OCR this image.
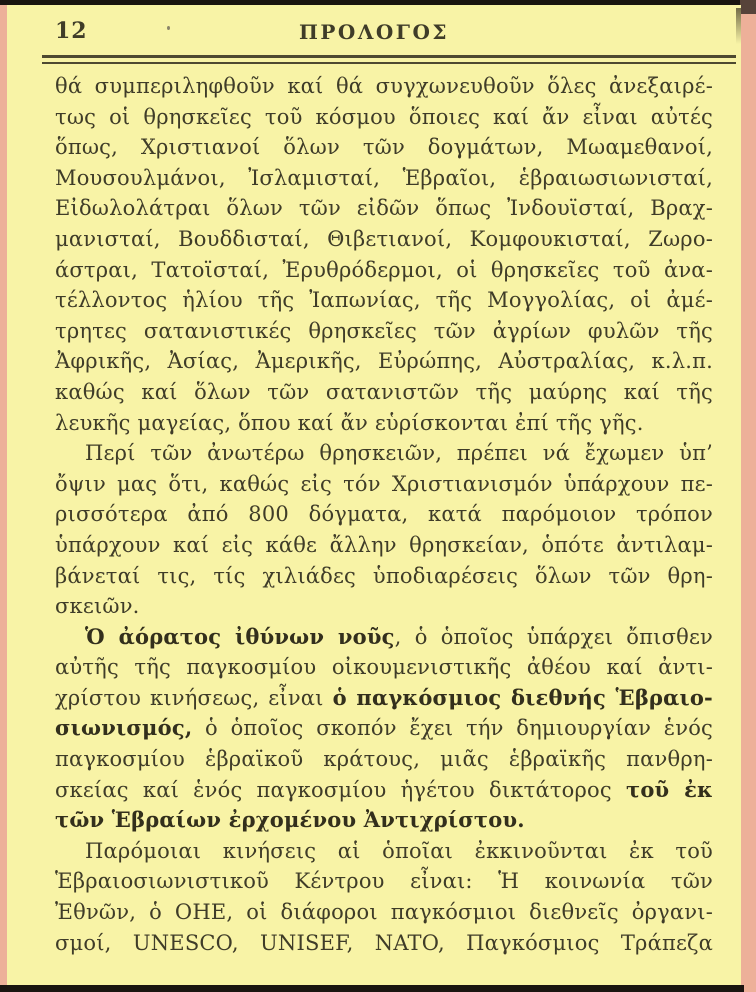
12	ΠΡΟΛΟΓΟΣ
θά συμπεριληφθοῦν καί θά συγχωνευθοῦν ὅλες ἀνεξαιρέ-
τως οἱ θρησκεῖες τοῦ κόσμου ὅποιες καί ἄν εἶναι αὐτές
ὅπως, Χριστιανοί ὅλων τῶν δογμάτων, Μωαμεθανοί,
Μουσουλμάνοι, Ἰσλαμισταί, Ἑβραῖοι, ἑβραιωσιωνισταί,
Εἰδωλολάτραι ὅλων τῶν εἰδῶν ὅπως Ἰνδουϊσταί, Βραχ-
μανισταί, Βουδδισταί, Θιβετιανοί, Κομφουκισταί, Ζωρο-
άστραι, Τατοϊσταί, Ἐρυθρόδερμοι, οἱ θρησκεῖες τοῦ ἀνα-
τέλλοντος ἡλίου τῆς Ἰαπωνίας, τῆς Μογγολίας, οἱ ἀμέ-
τρητες σατανιστικές θρησκεῖες τῶν ἀγρίων φυλῶν τῆς
Ἀφρικῆς, Ἀσίας, Ἀμερικῆς, Εὐρώπης, Αὐστραλίας, κ.λ.π.
καθώς καί ὅλων τῶν σατανιστῶν τῆς μαύρης καί τῆς
λευκῆς μαγείας, ὅπου καί ἄν εὑρίσκονται ἐπί τῆς γῆς.
Περί τῶν ἀνωτέρω θρησκειῶν, πρέπει νά ἔχωμεν ὑπ’
ὄψιν μας ὅτι, καθώς εἰς τόν Χριστιανισμόν ὑπάρχουν πε-
ρισσότερα ἀπό 800 δόγματα, κατά παρόμοιον τρόπον
ὑπάρχουν καί εἰς κάθε ἄλλην θρησκείαν, ὁπότε ἀντιλαμ-
βάνεταί τις, τίς χιλιάδες ὑποδιαρέσεις ὅλων τῶν θρη-
σκειῶν.
Ὁ ἀόρατος ἰθύνων νοῦς, ὁ ὁποῖος ὑπάρχει ὄπισθεν
αὐτῆς τῆς παγκοσμίου οἰκουμενιστικῆς ἀθέου καί ἀντι-
χρίστου κινήσεως, εἶναι ὁ παγκόσμιος διεθνής Ἑβραιο-
σιωνισμός, ὁ ὁποῖος σκοπόν ἔχει τήν δημιουργίαν ἑνός
παγκοσμίου ἑβραϊκοῦ κράτους, μιᾶς ἑβραϊκῆς πανθρη-
σκείας καί ἑνός παγκοσμίου ἡγέτου δικτάτορος τοῦ ἐκ
τῶν Ἑβραίων ἐρχομένου Ἀντιχρίστου.
Παρόμοιαι κινήσεις αἱ ὁποῖαι ἐκκινοῦνται ἐκ τοῦ
Ἑβραιοσιωνιστικοῦ Κέντρου εἶναι: Ἡ κοινωνία τῶν
Ἐθνῶν, ὁ ΟΗΕ, οἱ διάφοροι παγκόσμιοι διεθνεῖς ὀργανι-
σμοί, UNESCO, UNISEF, NATO, Παγκόσμιος Τράπεζα
